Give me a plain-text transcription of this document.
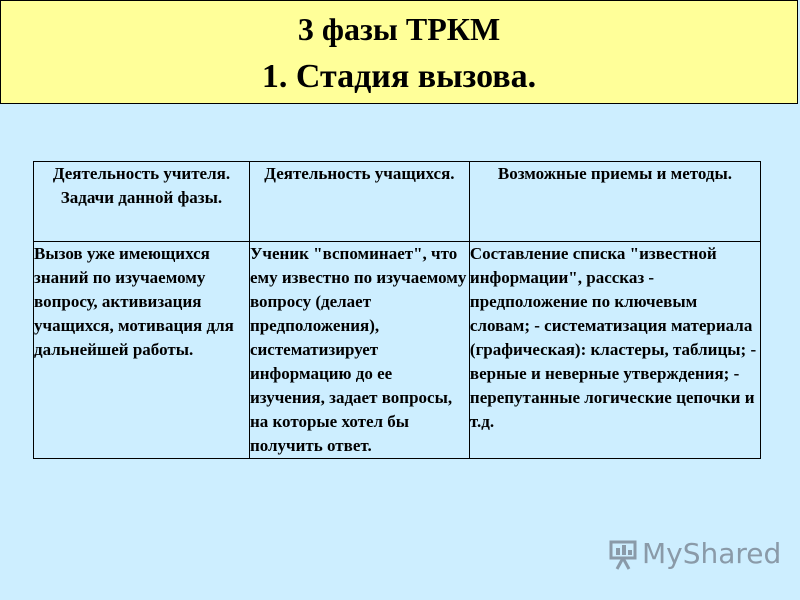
3 фазы ТРКМ
1. Стадия вызова.
Деятельность учителя. Задачи данной фазы.	Деятельность учащихся.	Возможные приемы и методы.

Вызов уже имеющихся знаний по изучаемому вопросу, активизация учащихся, мотивация для дальнейшей работы.	Ученик "вспоминает", что ему известно по изучаемому вопросу (делает предположения), систематизирует информацию до ее изучения, задает вопросы, на которые хотел бы получить ответ.	Составление списка "известной информации", рассказ - предположение по ключевым словам; - систематизация материала (графическая): кластеры, таблицы; - верные и неверные утверждения; - перепутанные логические цепочки и т.д.
MyShared
